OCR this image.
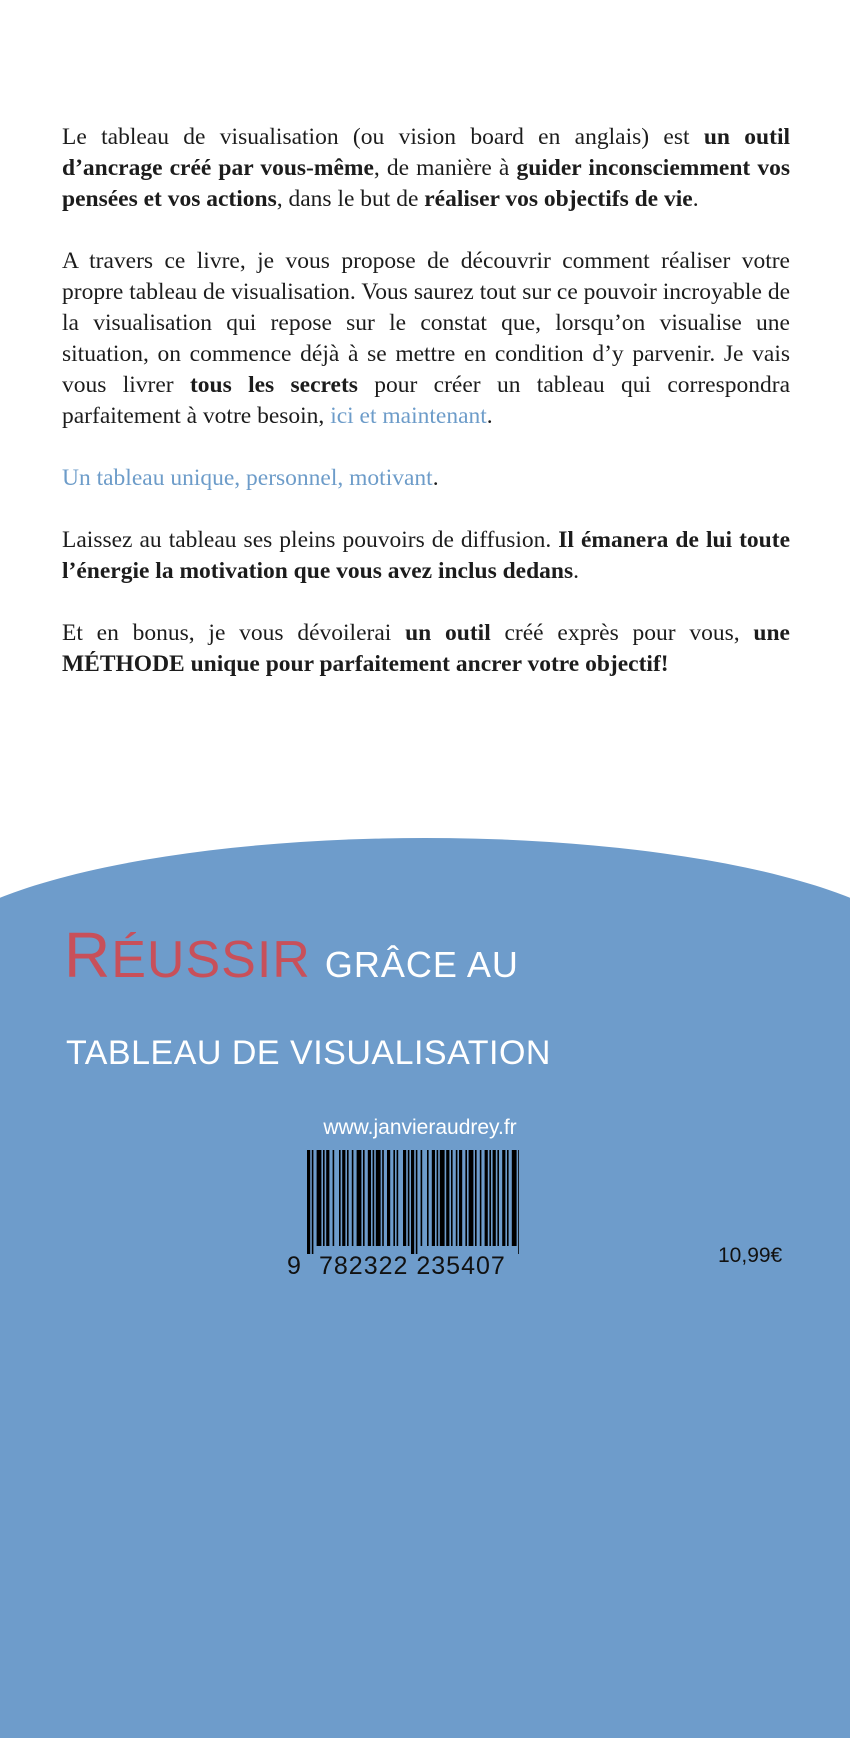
Le tableau de visualisation (ou vision board en anglais) est un outil d’ancrage créé par vous-même, de manière à guider inconsciemment vos pensées et vos actions, dans le but de réaliser vos objectifs de vie.

A travers ce livre, je vous propose de découvrir comment réaliser votre propre tableau de visualisation. Vous saurez tout sur ce pouvoir incroyable de la visualisation qui repose sur le constat que, lorsqu’on visualise une situation, on commence déjà à se mettre en condition d’y parvenir. Je vais vous livrer tous les secrets pour créer un tableau qui correspondra parfaitement à votre besoin, ici et maintenant.

Un tableau unique, personnel, motivant.

Laissez au tableau ses pleins pouvoirs de diffusion. Il émanera de lui toute l’énergie la motivation que vous avez inclus dedans.

Et en bonus, je vous dévoilerai un outil créé exprès pour vous, une MÉTHODE unique pour parfaitement ancrer votre objectif!

RÉUSSIR GRÂCE AU
TABLEAU DE VISUALISATION
www.janvieraudrey.fr
9 782322 235407	10,99€
